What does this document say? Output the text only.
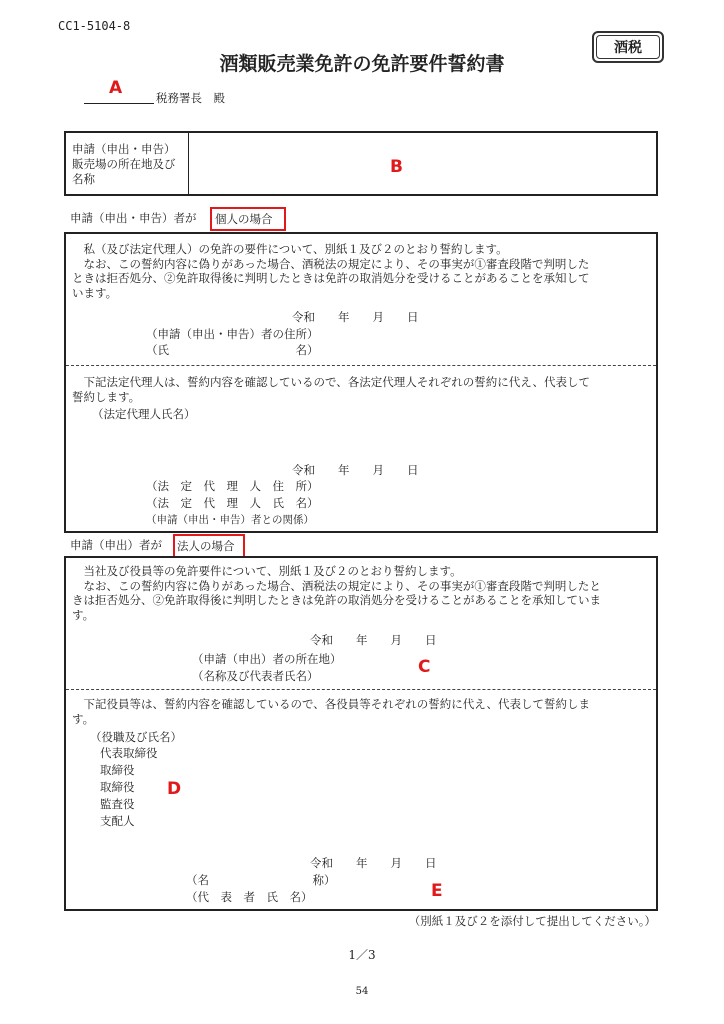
CC1-5104-8
酒税
酒類販売業免許の免許要件誓約書
A	税務署長　殿
申請（申出・申告）
販売場の所在地及び
名称
B
申請（申出・申告）者が	個人の場合
　私（及び法定代理人）の免許の要件について、別紙１及び２のとおり誓約します。
　なお、この誓約内容に偽りがあった場合、酒税法の規定により、その事実が①審査段階で判明した
ときは拒否処分、②免許取得後に判明したときは免許の取消処分を受けることがあることを承知して
います。
令和　　年　　月　　日
（申請（申出・申告）者の住所）
（氏　　　　　　　　　　　名）
　下記法定代理人は、誓約内容を確認しているので、各法定代理人それぞれの誓約に代え、代表して
誓約します。
（法定代理人氏名）
令和　　年　　月　　日
（法　定　代　理　人　住　所）
（法　定　代　理　人　氏　名）
（申請（申出・申告）者との関係）
申請（申出）者が	法人の場合
　当社及び役員等の免許要件について、別紙１及び２のとおり誓約します。
　なお、この誓約内容に偽りがあった場合、酒税法の規定により、その事実が①審査段階で判明したと
きは拒否処分、②免許取得後に判明したときは免許の取消処分を受けることがあることを承知していま
す。
令和　　年　　月　　日
（申請（申出）者の所在地）
（名称及び代表者氏名）
　下記役員等は、誓約内容を確認しているので、各役員等それぞれの誓約に代え、代表して誓約しま
す。
（役職及び氏名）
代表取締役
取締役
取締役
監査役
支配人
令和　　年　　月　　日
（名　　　　　　　　　称）
（代　表　者　氏　名）
C
D
E
（別紙１及び２を添付して提出してください。）
1／3
54
